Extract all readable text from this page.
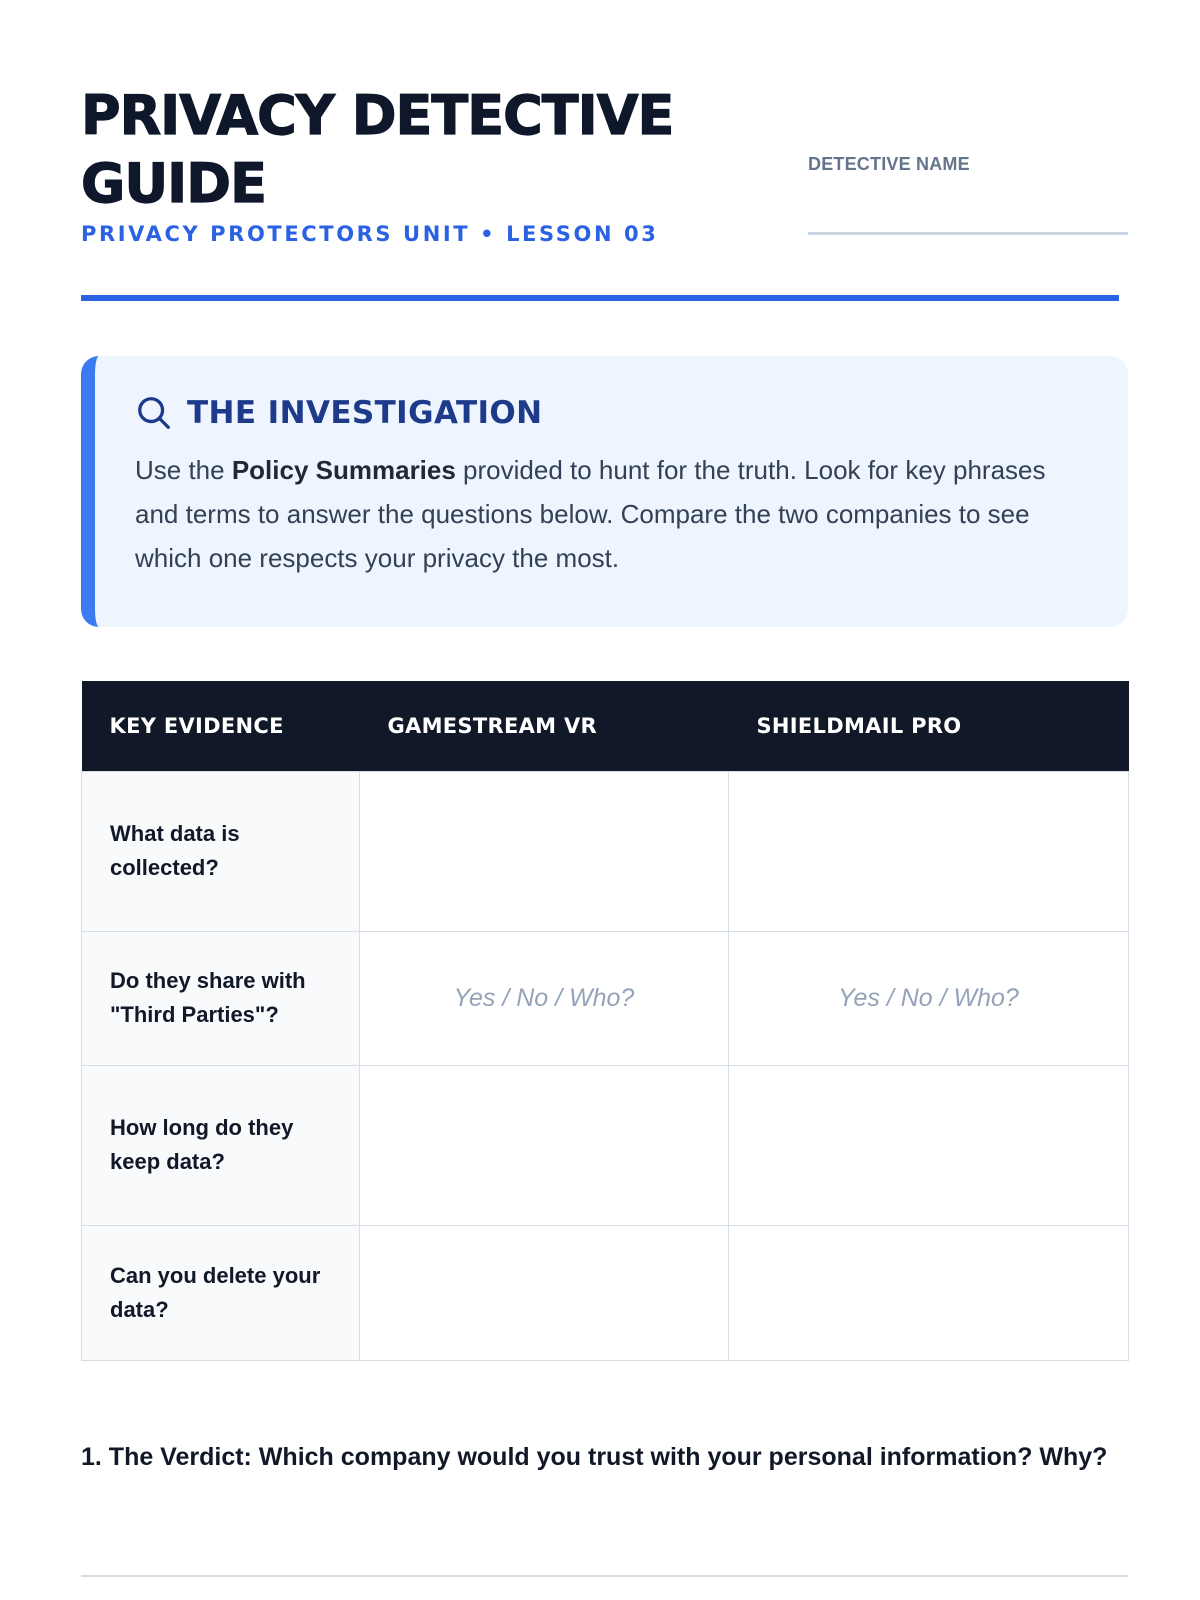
PRIVACY DETECTIVE GUIDE
PRIVACY PROTECTORS UNIT • LESSON 03
DETECTIVE NAME
THE INVESTIGATION

Use the Policy Summaries provided to hunt for the truth. Look for key phrases and terms to answer the questions below. Compare the two companies to see which one respects your privacy the most.

KEY EVIDENCE	GAMESTREAM VR	SHIELDMAIL PRO
What data is collected?		
Do they share with "Third Parties"?	Yes / No / Who?	Yes / No / Who?
How long do they keep data?		
Can you delete your data?		
1. The Verdict: Which company would you trust with your personal information? Why?
